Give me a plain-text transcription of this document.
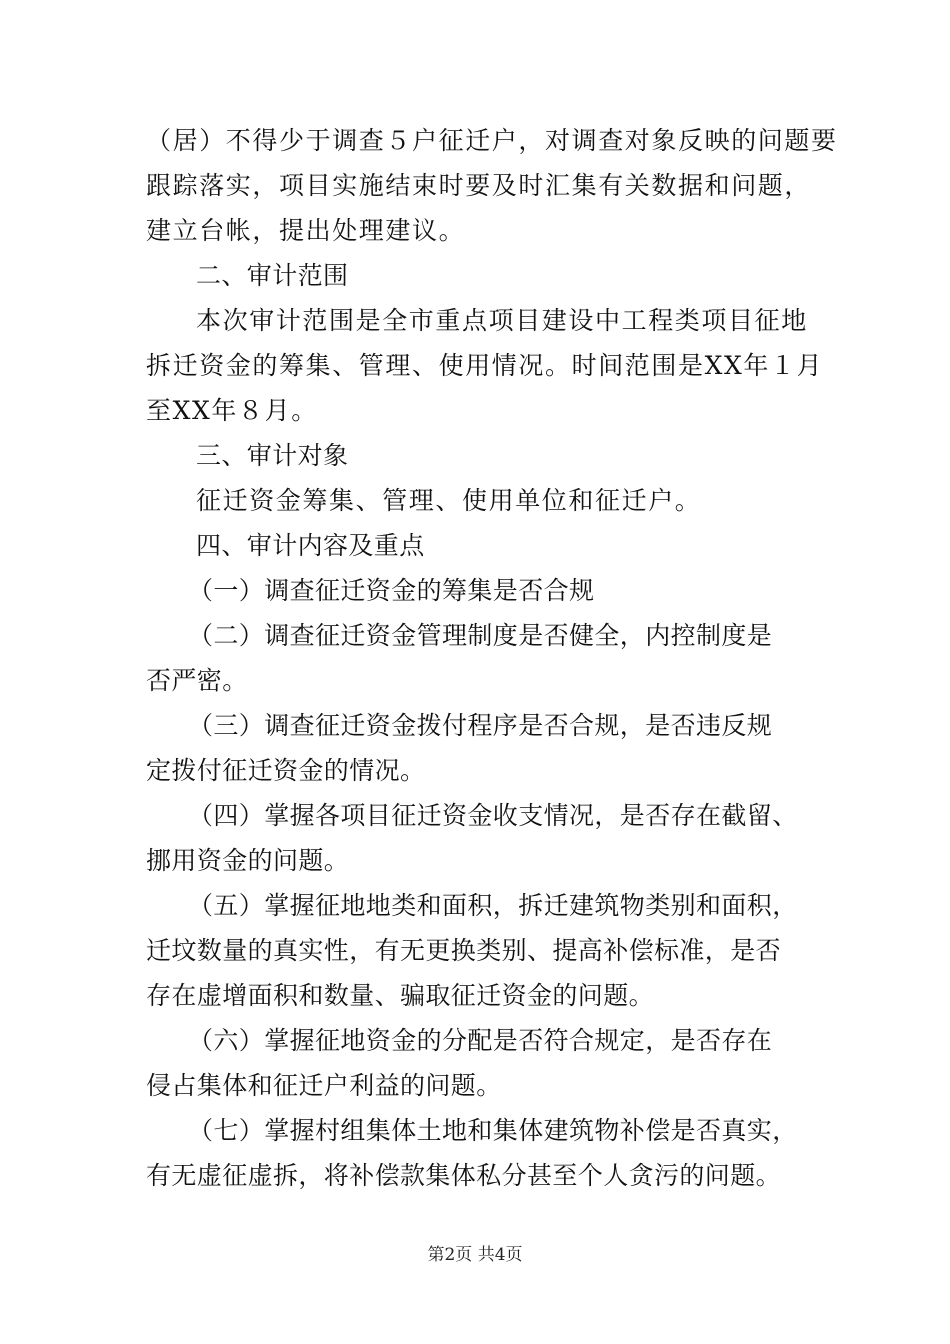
（居）不得少于调查５户征迁户，对调查对象反映的问题要
跟踪落实，项目实施结束时要及时汇集有关数据和问题，
建立台帐，提出处理建议。
二、审计范围
本次审计范围是全市重点项目建设中工程类项目征地
拆迁资金的筹集、管理、使用情况。时间范围是XX年１月
至XX年８月。
三、审计对象
征迁资金筹集、管理、使用单位和征迁户。
四、审计内容及重点
（一）调查征迁资金的筹集是否合规
（二）调查征迁资金管理制度是否健全，内控制度是
否严密。
（三）调查征迁资金拨付程序是否合规，是否违反规
定拨付征迁资金的情况。
（四）掌握各项目征迁资金收支情况，是否存在截留、
挪用资金的问题。
（五）掌握征地地类和面积，拆迁建筑物类别和面积，
迁坟数量的真实性，有无更换类别、提高补偿标准，是否
存在虚增面积和数量、骗取征迁资金的问题。
（六）掌握征地资金的分配是否符合规定，是否存在
侵占集体和征迁户利益的问题。
（七）掌握村组集体土地和集体建筑物补偿是否真实，
有无虚征虚拆，将补偿款集体私分甚至个人贪污的问题。
第2页 共4页
